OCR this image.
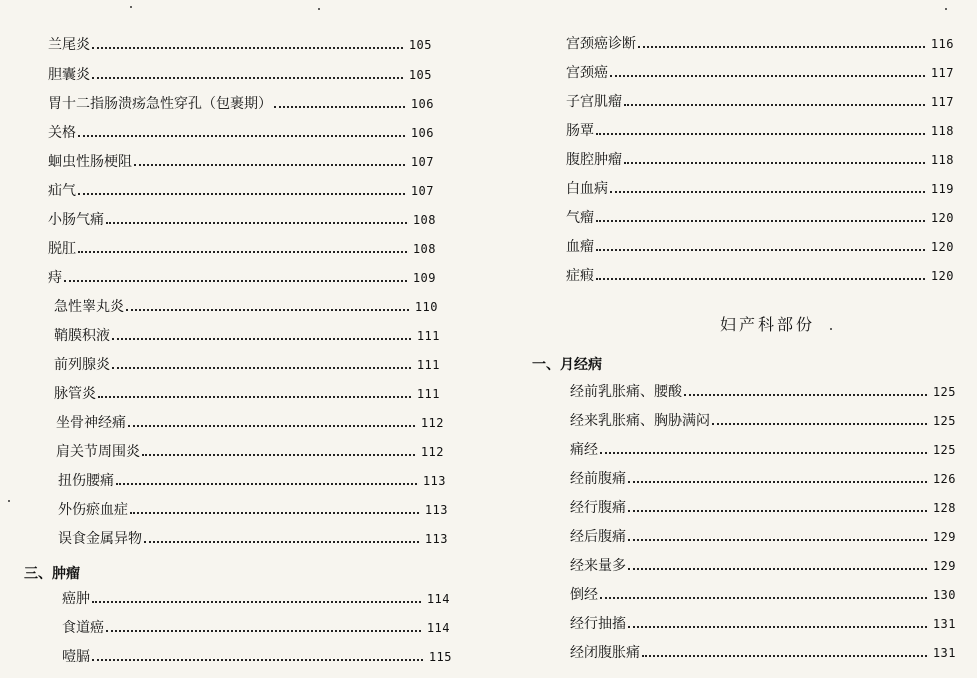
兰尾炎	105
胆囊炎	105
胃十二指肠溃疡急性穿孔（包裹期）	106
关格	106
蛔虫性肠梗阻	107
疝气	107
小肠气痛	108
脱肛	108
痔	109
急性睾丸炎	110
鞘膜积液	111
前列腺炎	111
脉管炎	111
坐骨神经痛	112
肩关节周围炎	112
扭伤腰痛	113
外伤瘀血症	113
误食金属异物	113
三、肿瘤
癌肿	114
食道癌	114
噎膈	115
宫颈癌诊断	116
宫颈癌	117
子宫肌瘤	117
肠覃	118
腹腔肿瘤	118
白血病	119
气瘤	120
血瘤	120
症瘕	120
妇产科部份
一、月经病
经前乳胀痛、腰酸	125
经来乳胀痛、胸胁满闷	125
痛经	125
经前腹痛	126
经行腹痛	128
经后腹痛	129
经来量多	129
倒经	130
经行抽搐	131
经闭腹胀痛	131
